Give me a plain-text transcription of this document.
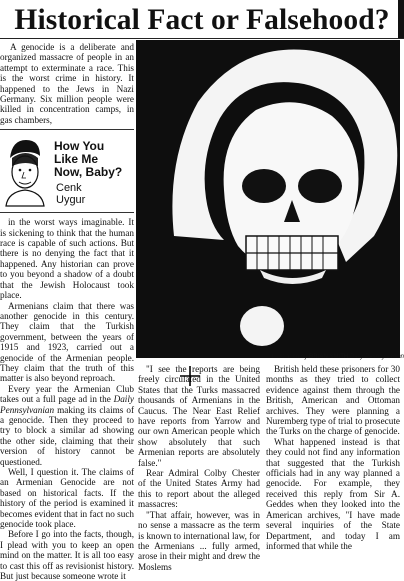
Historical Fact or Falsehood?

A genocide is a deliberate and organized massacre of people in an attempt to exterminate a race. This is the worst crime in history. It happened to the Jews in Nazi Germany. Six million people were killed in concentration camps, in gas chambers,

How You
Like Me
Now, Baby?
Cenk
Uygur

in the worst ways imaginable. It is sickening to think that the human race is capable of such actions. But there is no denying the fact that it happened. Any historian can prove to you beyond a shadow of a doubt that the Jewish Holocaust took place.

Armenians claim that there was another genocide in this century. They claim that the Turkish government, between the years of 1915 and 1923, carried out a genocide of the Armenian people. They claim that the truth of this matter is also beyond reproach.

Every year the Armenian Club takes out a full page ad in the Daily Pennsylvanian making its claims of a genocide. Then they proceed to try to block a similar ad showing the other side, claiming that their version of history cannot be questioned.

Well, I question it. The claims of an Armenian Genocide are not based on historical facts. If the history of the period is examined it becomes evident that in fact no such genocide took place.

Before I go into the facts, though, I plead with you to keep an open mind on the matter. It is all too easy to cast this off as revisionist history. But just because someone wrote it

Illustration by BRIAN SMITH/Daily Pennsylvanian

"I see the reports are being freely circulated in the United States that the Turks massacred thousands of Armenians in the Caucus. The Near East Relief have reports from Yarrow and our own American people which show absolutely that such Armenian reports are absolutely false."

Rear Admiral Colby Chester of the United States Army had this to report about the alleged massacres:

"That affair, however, was in no sense a massacre as the term is known to international law, for the Armenians ... fully armed, arose in their might and drew the Moslems

British held these prisoners for 30 months as they tried to collect evidence against them through the British, American and Ottoman archives. They were planning a Nuremberg type of trial to prosecute the Turks on the charge of genocide.

What happened instead is that they could not find any information that suggested that the Turkish officials had in any way planned a genocide. For example, they received this reply from Sir A. Geddes when they looked into the American archives, "I have made several inquiries of the State Department, and today I am informed that while the
